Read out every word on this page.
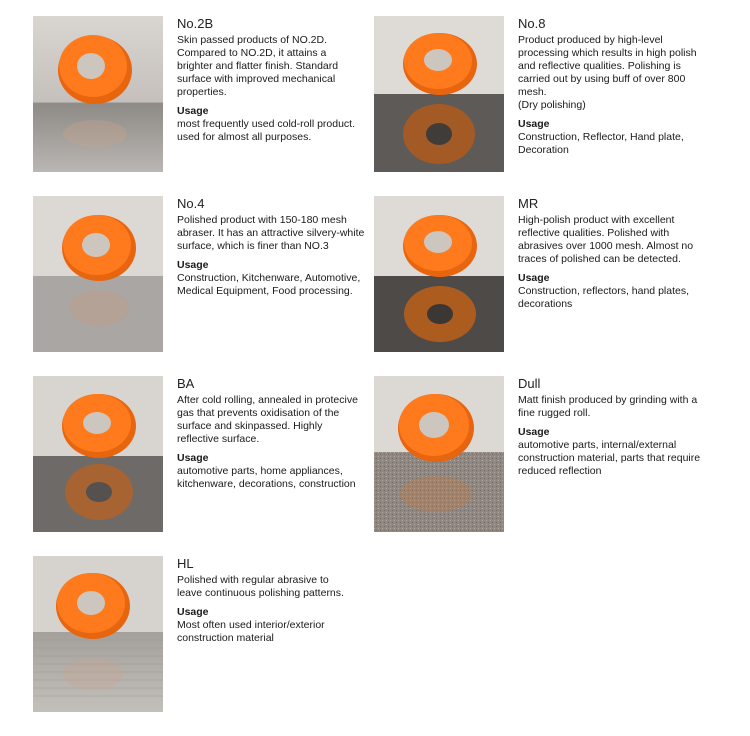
No.2B

Skin passed products of NO.2D.
Compared to NO.2D, it attains a
brighter and flatter finish. Standard
surface with improved mechanical
properties.

Usage

most frequently used cold-roll product.
used for almost all purposes.

No.8

Product produced by high-level
processing which results in high polish
and reflective qualities. Polishing is
carried out by using buff of over 800
mesh.
(Dry polishing)

Usage

Construction, Reflector, Hand plate,
Decoration

No.4

Polished product with 150-180 mesh
abraser. It has an attractive silvery-white
surface, which is finer than NO.3

Usage

Construction, Kitchenware, Automotive,
Medical Equipment, Food processing.

MR

High-polish product with excellent
reflective qualities. Polished with
abrasives over 1000 mesh. Almost no
traces of polished can be detected.

Usage

Construction, reflectors, hand plates,
decorations

BA

After cold rolling, annealed in protecive
gas that prevents oxidisation of the
surface and skinpassed. Highly
reflective surface.

Usage

automotive parts, home appliances,
kitchenware, decorations, construction

Dull

Matt finish produced by grinding with a
fine rugged roll.

Usage

automotive parts, internal/external
construction material, parts that require
reduced reflection

HL

Polished with regular abrasive to
leave continuous polishing patterns.

Usage

Most often used interior/exterior
construction material
